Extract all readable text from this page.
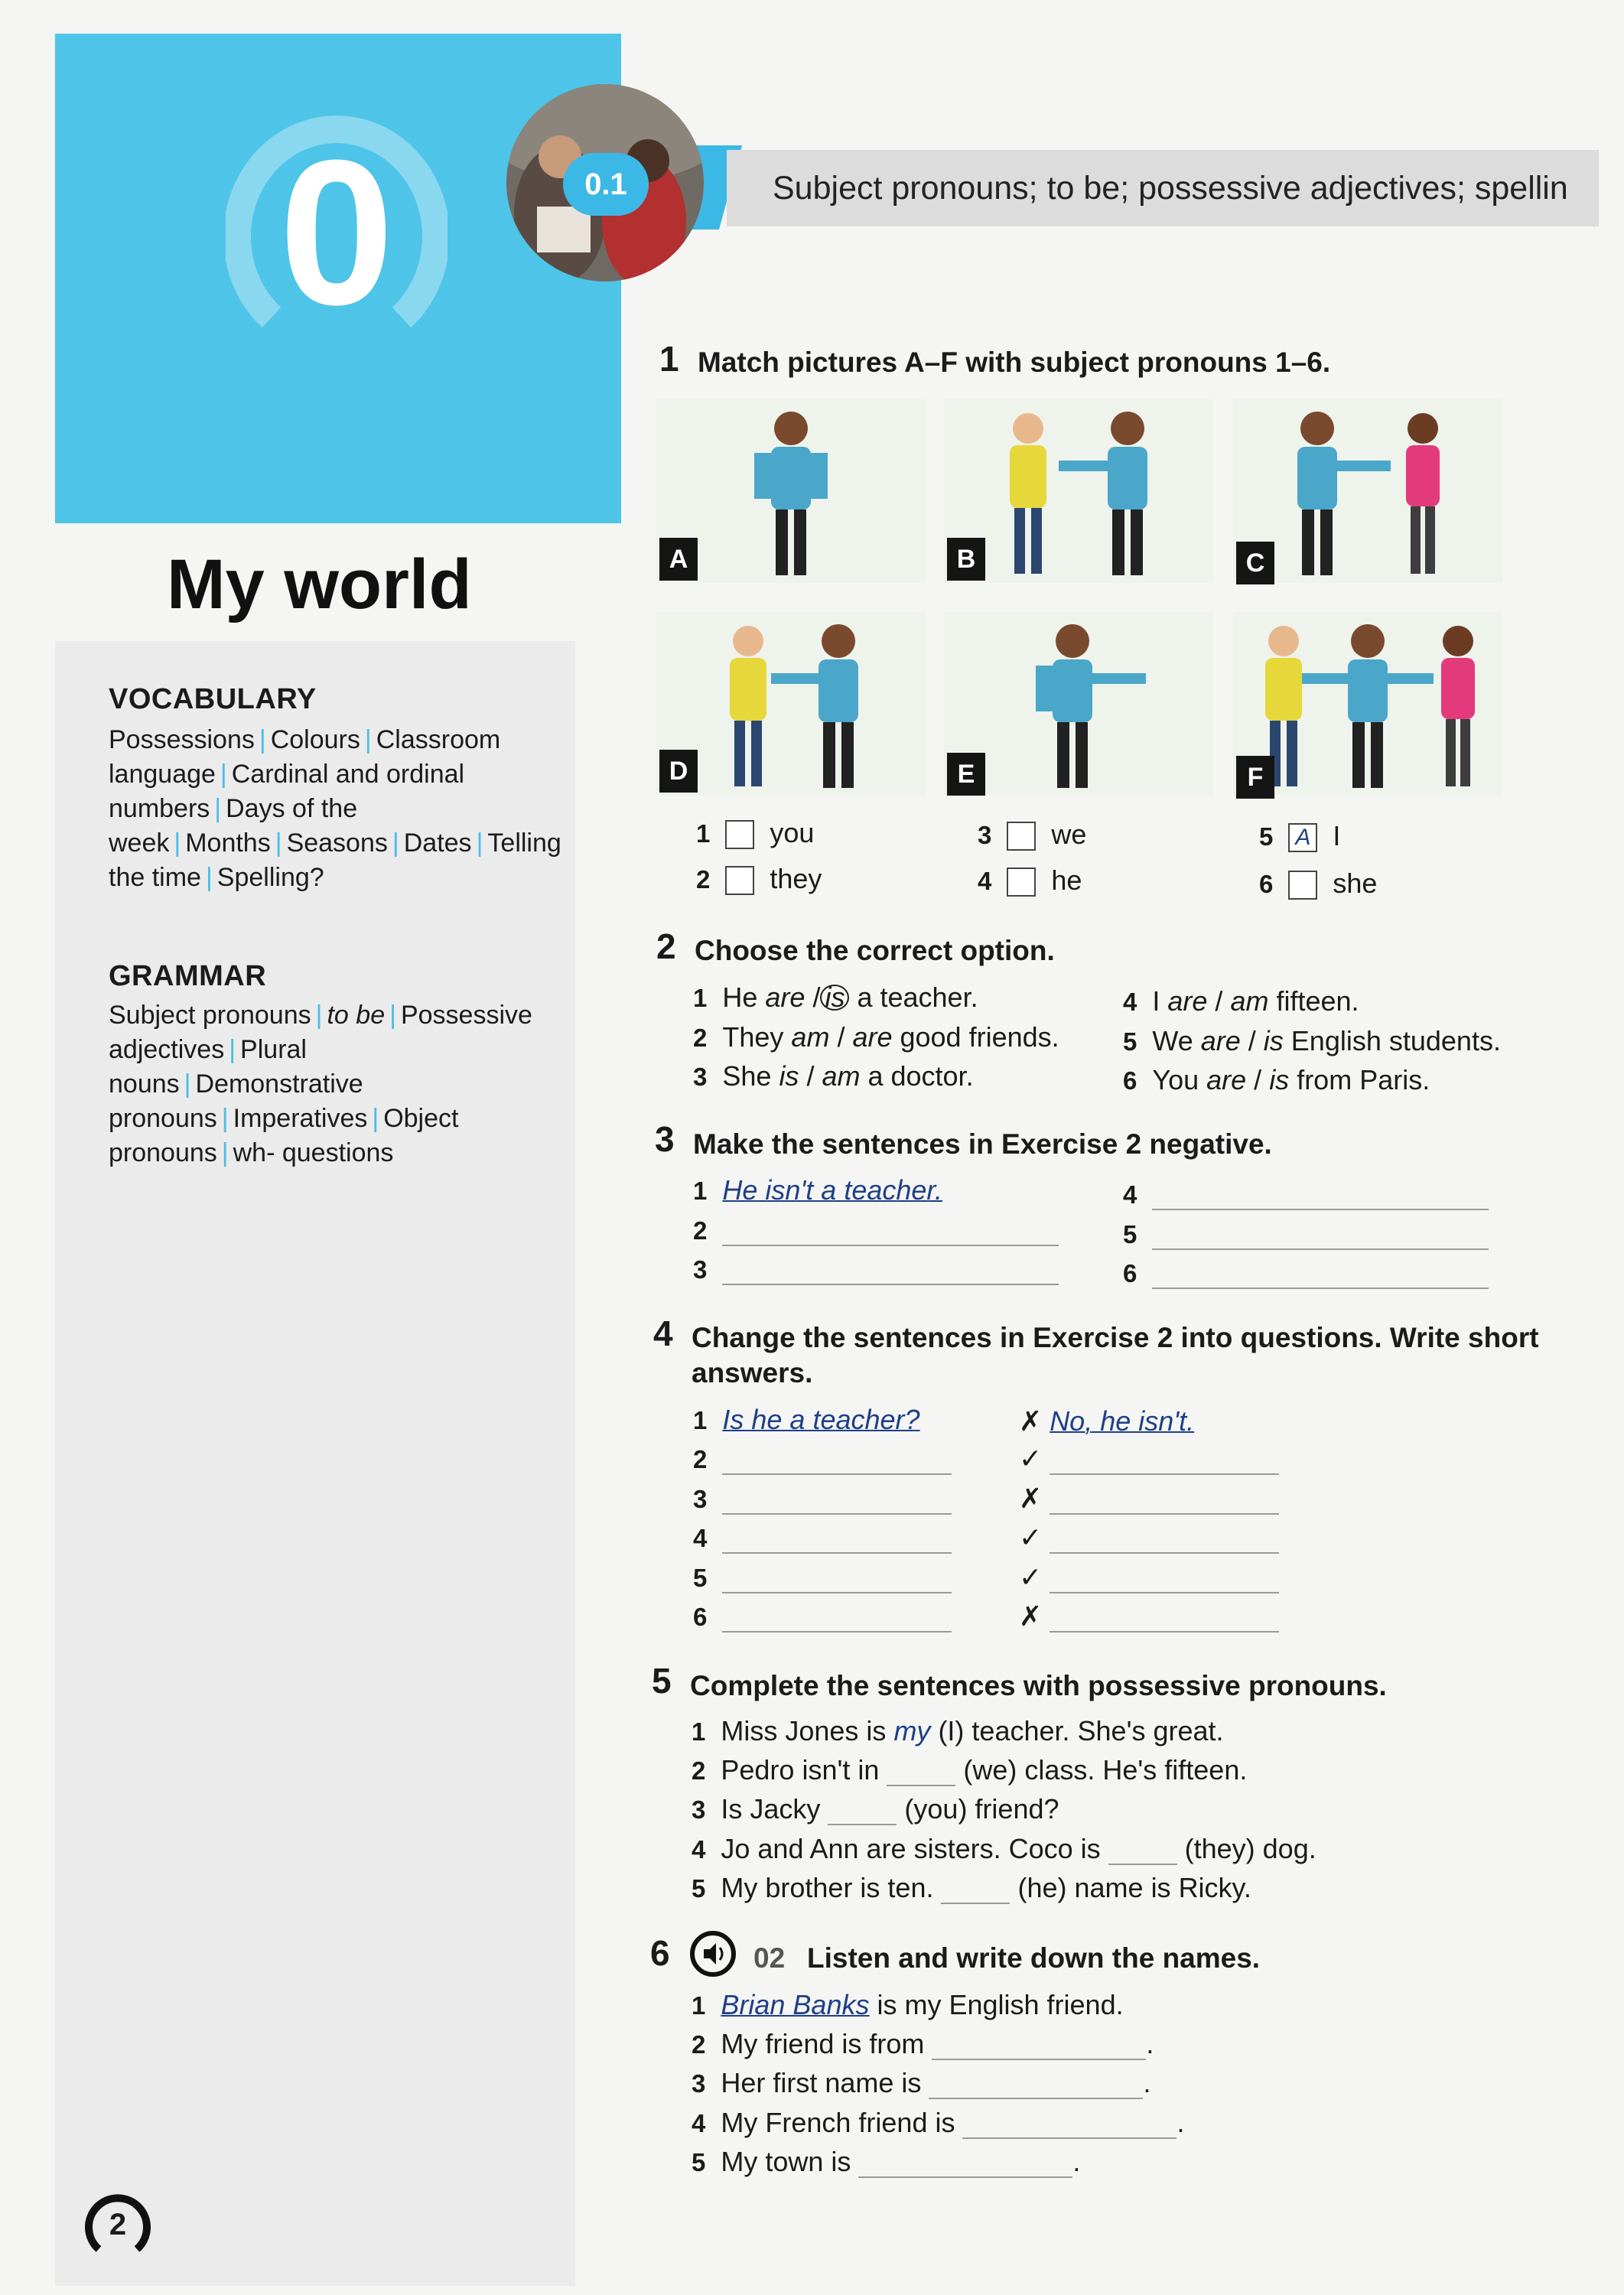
0	Subject pronouns; to be; possessive adjectives; spellin
0.1
My world
VOCABULARY
Possessions | Colours | Classroom language | Cardinal and ordinal numbers | Days of the week | Months | Seasons | Dates | Telling the time | Spelling?
GRAMMAR
Subject pronouns | to be | Possessive adjectives | Plural nouns | Demonstrative pronouns | Imperatives | Object pronouns | wh- questions
2
1 Match pictures A–F with subject pronouns 1–6.
A	B	C
D	E	F
1 you
2 they
3 we
4 he
5 A I
6 she
2 Choose the correct option.
1 He are / is a teacher.
2 They am / are good friends.
3 She is / am a doctor.
4 I are / am fifteen.
5 We are / is English students.
6 You are / is from Paris.
3 Make the sentences in Exercise 2 negative.
1 He isn't a teacher.
2
3
4
5
6
4 Change the sentences in Exercise 2 into questions. Write short
answers.
1 Is he a teacher?	✗ No, he isn't.
2	✓
3	✗
4	✓
5	✓
6	✗
5 Complete the sentences with possessive pronouns.
1 Miss Jones is my (I) teacher. She's great.
2 Pedro isn't in	(we) class. He's fifteen.
3 Is Jacky	(you) friend?
4 Jo and Ann are sisters. Coco is	(they) dog.
5 My brother is ten.	(he) name is Ricky.
6	02 Listen and write down the names.
1 Brian Banks is my English friend.
2 My friend is from	.
3 Her first name is	.
4 My French friend is	.
5 My town is	.
